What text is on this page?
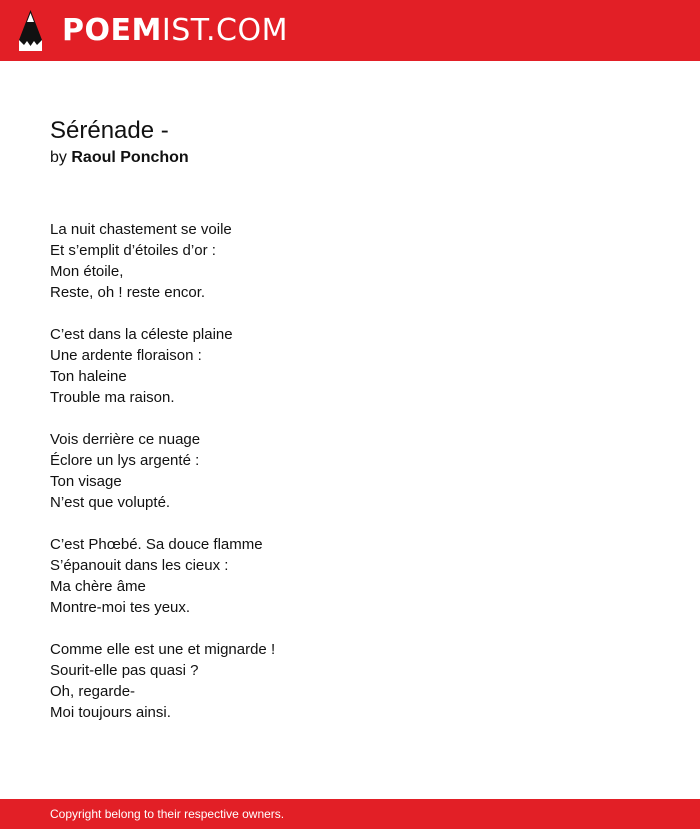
POEMIST.COM
Sérénade -
by Raoul Ponchon
La nuit chastement se voile
Et s’emplit d’étoiles d’or :
Mon étoile,
Reste, oh ! reste encor.
C’est dans la céleste plaine
Une ardente floraison :
Ton haleine
Trouble ma raison.
Vois derrière ce nuage
Éclore un lys argenté :
Ton visage
N’est que volupté.
C’est Phœbé. Sa douce flamme
S’épanouit dans les cieux :
Ma chère âme
Montre-moi tes yeux.
Comme elle est une et mignarde !
Sourit-elle pas quasi ?
Oh, regarde-
Moi toujours ainsi.
Copyright belong to their respective owners.
